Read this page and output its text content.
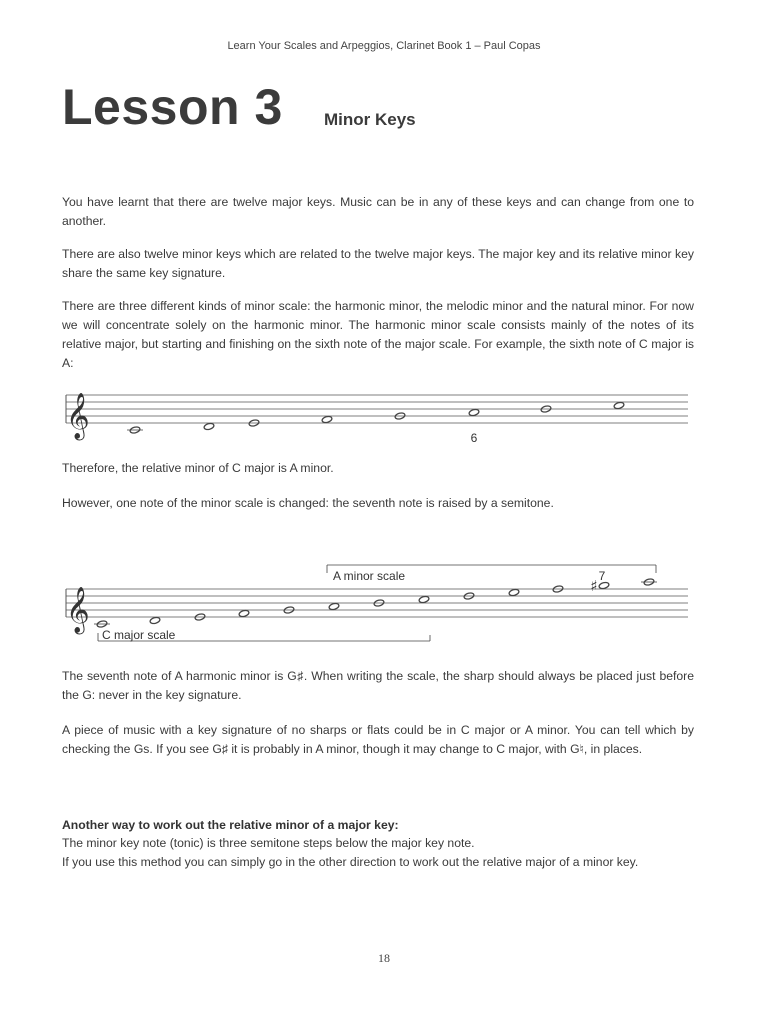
Learn Your Scales and Arpeggios, Clarinet Book 1 – Paul Copas
Lesson 3 Minor Keys

You have learnt that there are twelve major keys. Music can be in any of these keys and can change from one to another.

There are also twelve minor keys which are related to the twelve major keys. The major key and its relative minor key share the same key signature.

There are three different kinds of minor scale: the harmonic minor, the melodic minor and the natural minor. For now we will concentrate solely on the harmonic minor. The harmonic minor scale consists mainly of the notes of its relative major, but starting and finishing on the sixth note of the major scale. For example, the sixth note of C major is A:

𝄞	6

Therefore, the relative minor of C major is A minor.

However, one note of the minor scale is changed: the seventh note is raised by a semitone.

A minor scale	7
𝄞
♯
C major scale

The seventh note of A harmonic minor is G♯. When writing the scale, the sharp should always be placed just before the G: never in the key signature.

A piece of music with a key signature of no sharps or flats could be in C major or A minor. You can tell which by checking the Gs. If you see G♯ it is probably in A minor, though it may change to C major, with G♮, in places.

Another way to work out the relative minor of a major key:

The minor key note (tonic) is three semitone steps below the major key note.

If you use this method you can simply go in the other direction to work out the relative major of a minor key.

18
